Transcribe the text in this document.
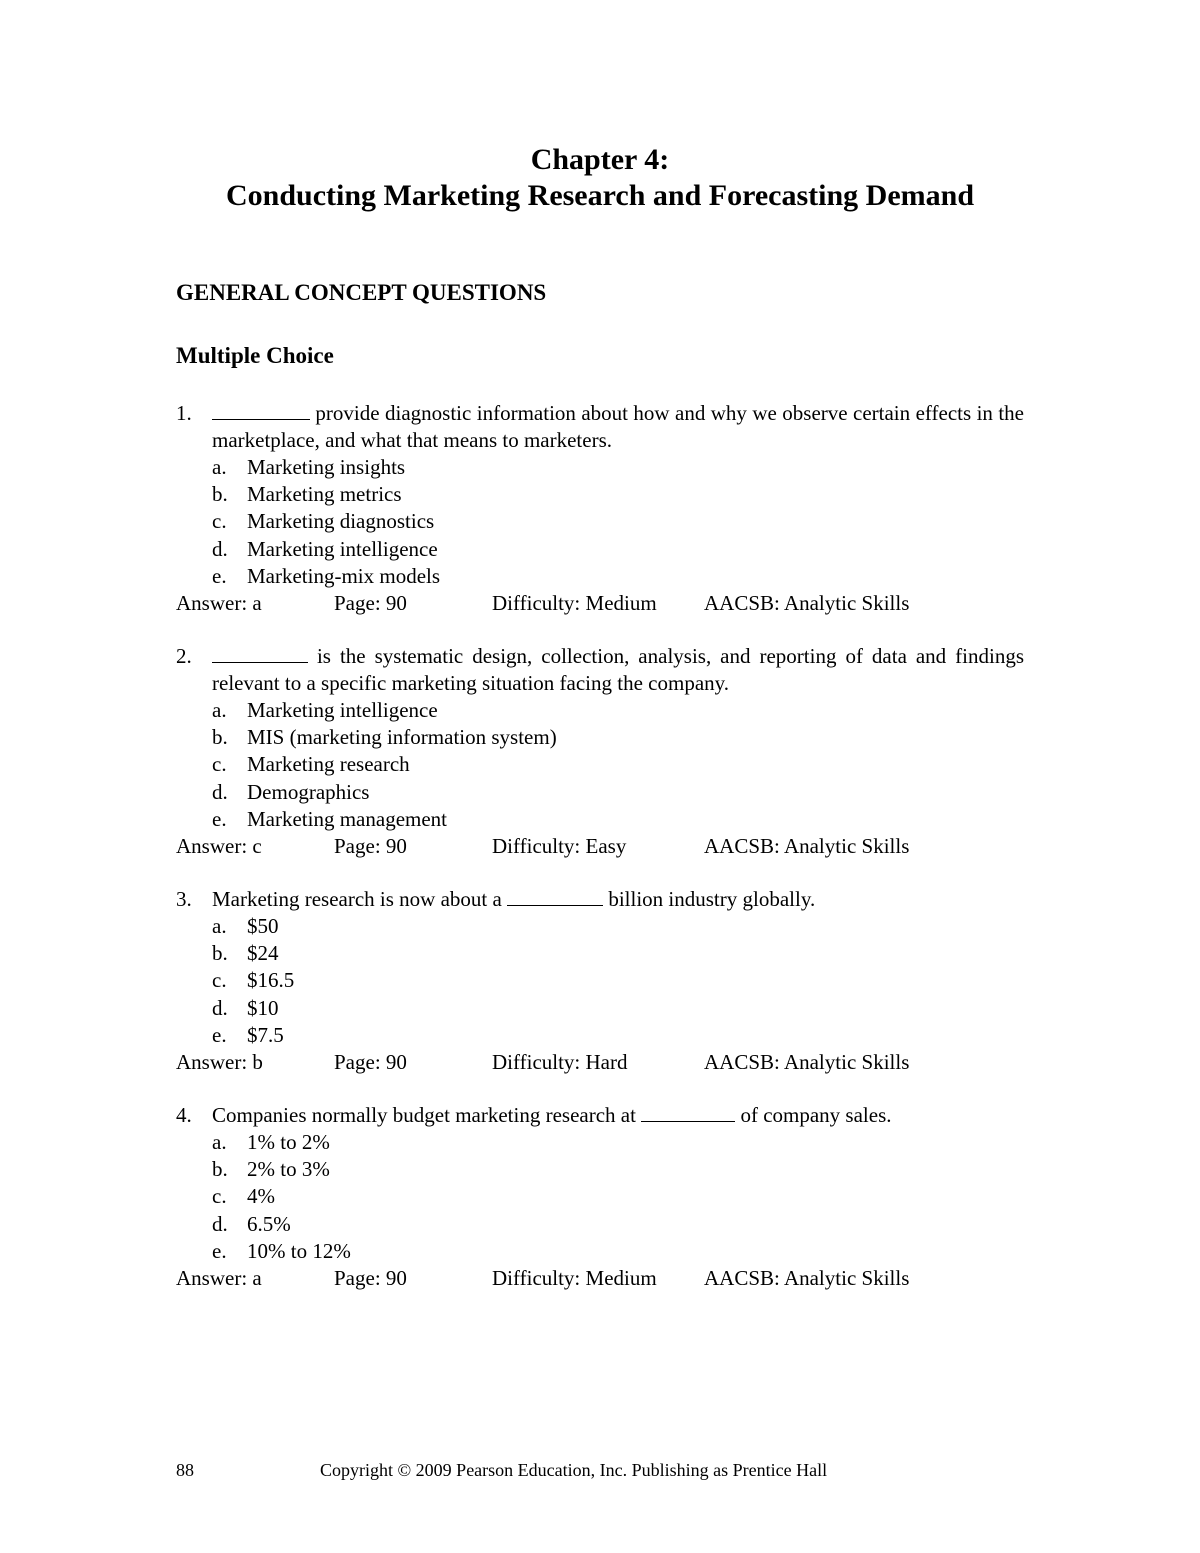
Chapter 4:
Conducting Marketing Research and Forecasting Demand
GENERAL CONCEPT QUESTIONS
Multiple Choice
1.	provide diagnostic information about how and why we observe certain effects in the marketplace, and what that means to marketers.
a. Marketing insights
b. Marketing metrics
c. Marketing diagnostics
d. Marketing intelligence
e. Marketing-mix models
Answer: a	Page: 90	Difficulty: Medium	AACSB: Analytic Skills
2.	is the systematic design, collection, analysis, and reporting of data and findings relevant to a specific marketing situation facing the company.
a. Marketing intelligence
b. MIS (marketing information system)
c. Marketing research
d. Demographics
e. Marketing management
Answer: c	Page: 90	Difficulty: Easy	AACSB: Analytic Skills
3. Marketing research is now about a	billion industry globally.
a. $50
b. $24
c. $16.5
d. $10
e. $7.5
Answer: b	Page: 90	Difficulty: Hard	AACSB: Analytic Skills
4. Companies normally budget marketing research at	of company sales.
a. 1% to 2%
b. 2% to 3%
c. 4%
d. 6.5%
e. 10% to 12%
Answer: a	Page: 90	Difficulty: Medium	AACSB: Analytic Skills
88	Copyright © 2009 Pearson Education, Inc. Publishing as Prentice Hall
